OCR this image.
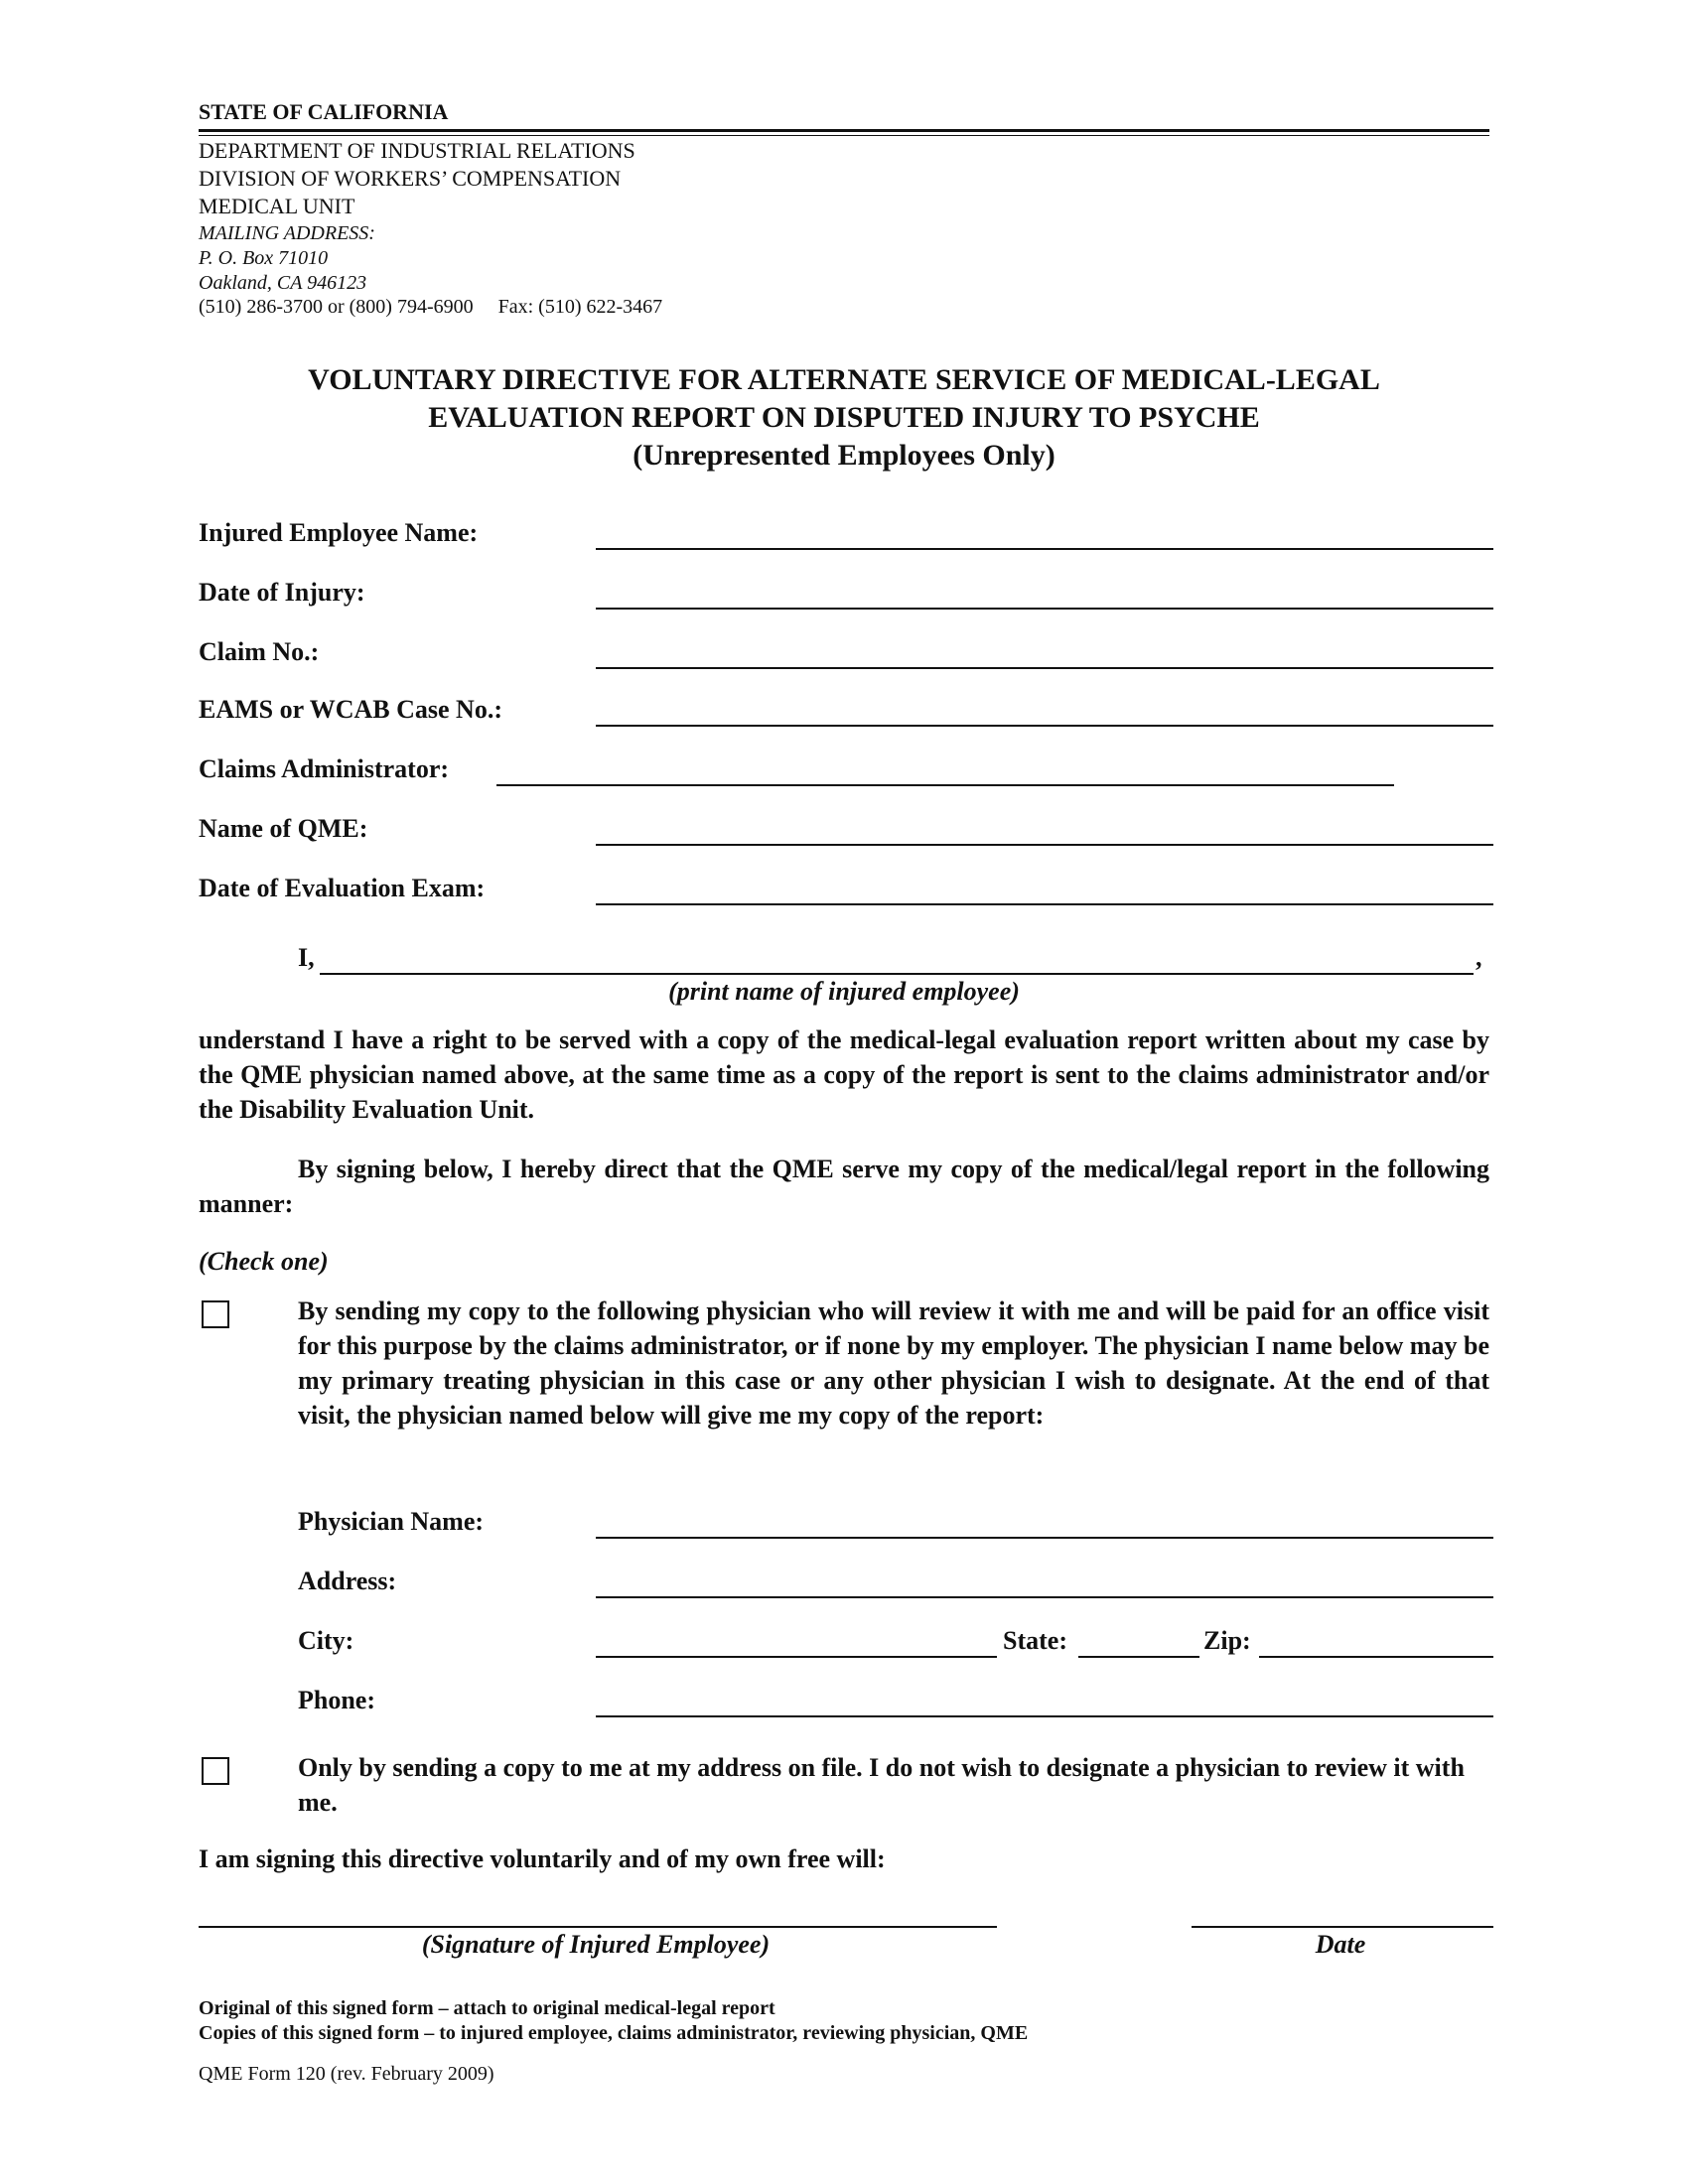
STATE OF CALIFORNIA
DEPARTMENT OF INDUSTRIAL RELATIONS
DIVISION OF WORKERS’ COMPENSATION
MEDICAL UNIT
MAILING ADDRESS:
P. O. Box 71010
Oakland, CA 946123
(510) 286-3700 or (800) 794-6900     Fax: (510) 622-3467
VOLUNTARY DIRECTIVE FOR ALTERNATE SERVICE OF MEDICAL-LEGAL
EVALUATION REPORT ON DISPUTED INJURY TO PSYCHE
(Unrepresented Employees Only)
Injured Employee Name:
Date of Injury:
Claim No.:
EAMS or WCAB Case No.:
Claims Administrator:
Name of QME:
Date of Evaluation Exam:
I,	,
(print name of injured employee)
understand I have a right to be served with a copy of the medical-legal evaluation report written about my case by the QME physician named above, at the same time as a copy of the report is sent to the claims administrator and/or the Disability Evaluation Unit.
By signing below, I hereby direct that the QME serve my copy of the medical/legal report in the following manner:
(Check one)
By sending my copy to the following physician who will review it with me and will be paid for an office visit for this purpose by the claims administrator, or if none by my employer. The physician I name below may be my primary treating physician in this case or any other physician I wish to designate. At the end of that visit, the physician named below will give me my copy of the report:
Physician Name:
Address:
City:	State:	Zip:
Phone:
Only by sending a copy to me at my address on file. I do not wish to designate a physician to review it with me.
I am signing this directive voluntarily and of my own free will:
(Signature of Injured Employee)	Date
Original of this signed form – attach to original medical-legal report
Copies of this signed form – to injured employee, claims administrator, reviewing physician, QME
QME Form 120 (rev. February 2009)
